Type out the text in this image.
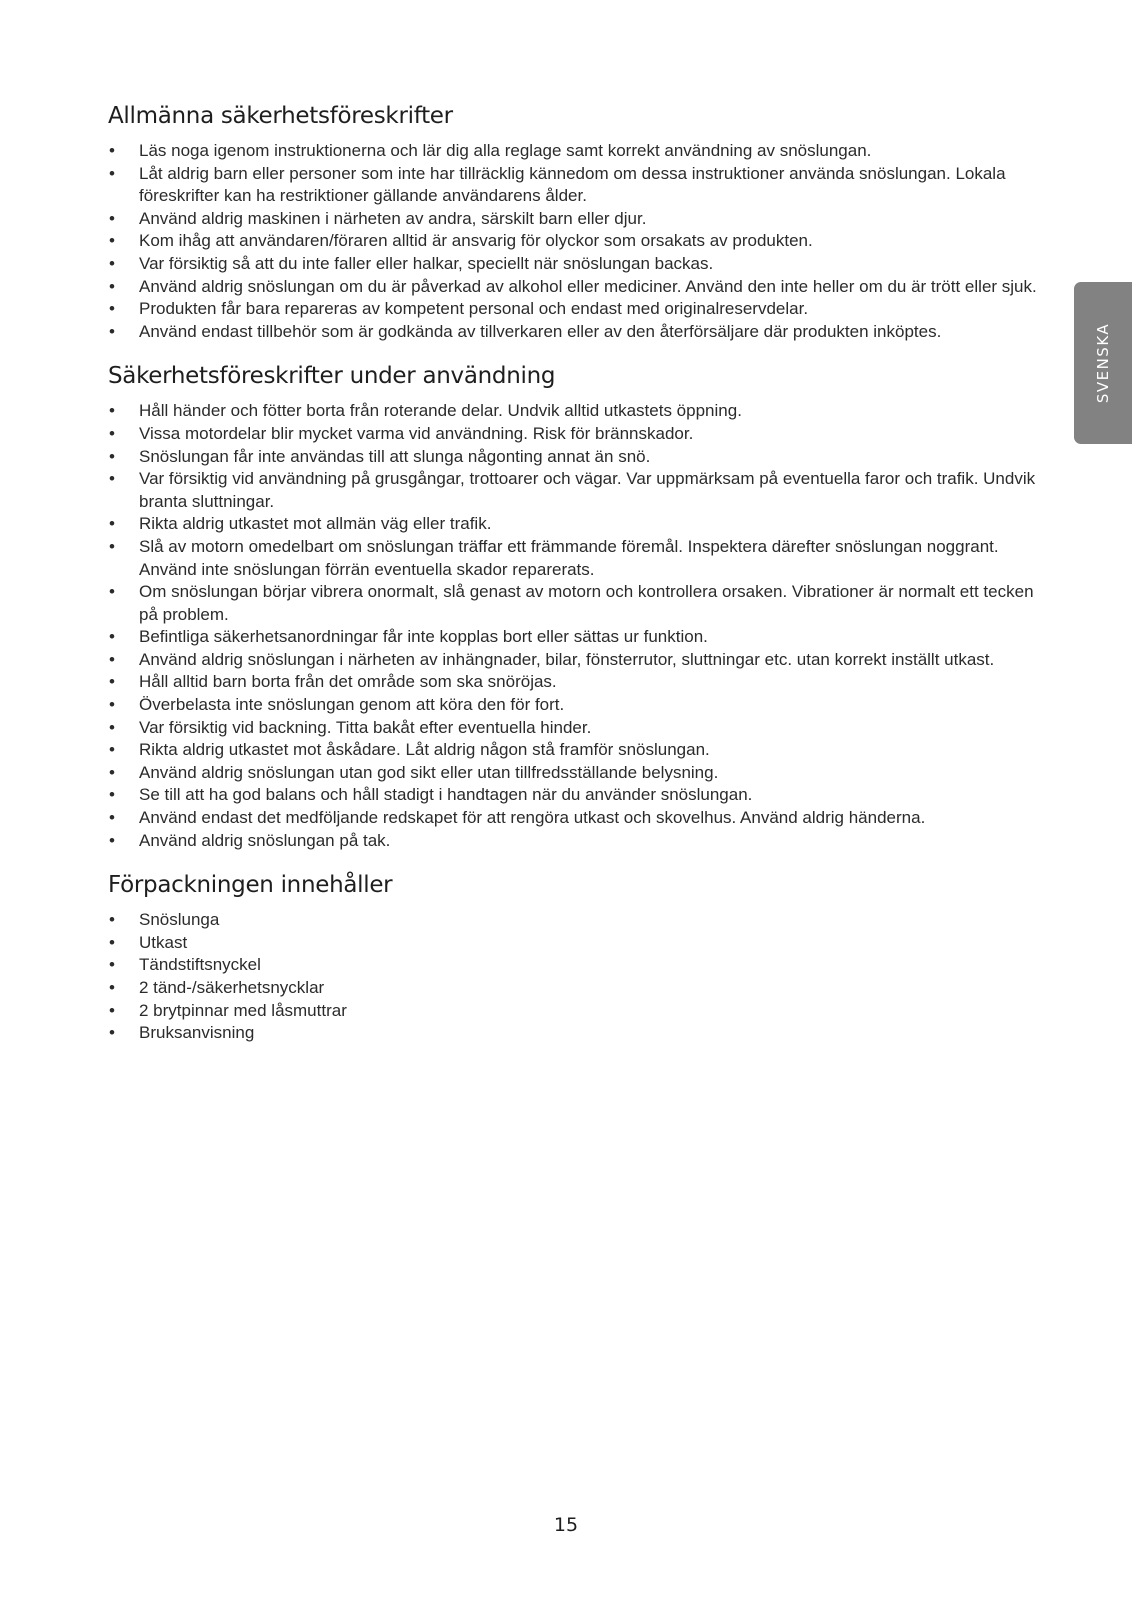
Allmänna säkerhetsföreskrifter
• Läs noga igenom instruktionerna och lär dig alla reglage samt korrekt användning av snöslungan.
• Låt aldrig barn eller personer som inte har tillräcklig kännedom om dessa instruktioner använda snöslungan. Lokala föreskrifter kan ha restriktioner gällande användarens ålder.
• Använd aldrig maskinen i närheten av andra, särskilt barn eller djur.
• Kom ihåg att användaren/föraren alltid är ansvarig för olyckor som orsakats av produkten.
• Var försiktig så att du inte faller eller halkar, speciellt när snöslungan backas.
• Använd aldrig snöslungan om du är påverkad av alkohol eller mediciner. Använd den inte heller om du är trött eller sjuk.
• Produkten får bara repareras av kompetent personal och endast med originalreservdelar.
• Använd endast tillbehör som är godkända av tillverkaren eller av den återförsäljare där produkten inköptes.
Säkerhetsföreskrifter under användning
• Håll händer och fötter borta från roterande delar. Undvik alltid utkastets öppning.
• Vissa motordelar blir mycket varma vid användning. Risk för brännskador.
• Snöslungan får inte användas till att slunga någonting annat än snö.
• Var försiktig vid användning på grusgångar, trottoarer och vägar. Var uppmärksam på eventuella faror och trafik. Undvik branta sluttningar.
• Rikta aldrig utkastet mot allmän väg eller trafik.
• Slå av motorn omedelbart om snöslungan träffar ett främmande föremål. Inspektera därefter snöslungan noggrant. Använd inte snöslungan förrän eventuella skador reparerats.
• Om snöslungan börjar vibrera onormalt, slå genast av motorn och kontrollera orsaken. Vibrationer är normalt ett tecken på problem.
• Befintliga säkerhetsanordningar får inte kopplas bort eller sättas ur funktion.
• Använd aldrig snöslungan i närheten av inhängnader, bilar, fönsterrutor, sluttningar etc. utan korrekt inställt utkast.
• Håll alltid barn borta från det område som ska snöröjas.
• Överbelasta inte snöslungan genom att köra den för fort.
• Var försiktig vid backning. Titta bakåt efter eventuella hinder.
• Rikta aldrig utkastet mot åskådare. Låt aldrig någon stå framför snöslungan.
• Använd aldrig snöslungan utan god sikt eller utan tillfredsställande belysning.
• Se till att ha god balans och håll stadigt i handtagen när du använder snöslungan.
• Använd endast det medföljande redskapet för att rengöra utkast och skovelhus. Använd aldrig händerna.
• Använd aldrig snöslungan på tak.
Förpackningen innehåller
• Snöslunga
• Utkast
• Tändstiftsnyckel
• 2 tänd-/säkerhetsnycklar
• 2 brytpinnar med låsmuttrar
• Bruksanvisning
SVENSKA
15
